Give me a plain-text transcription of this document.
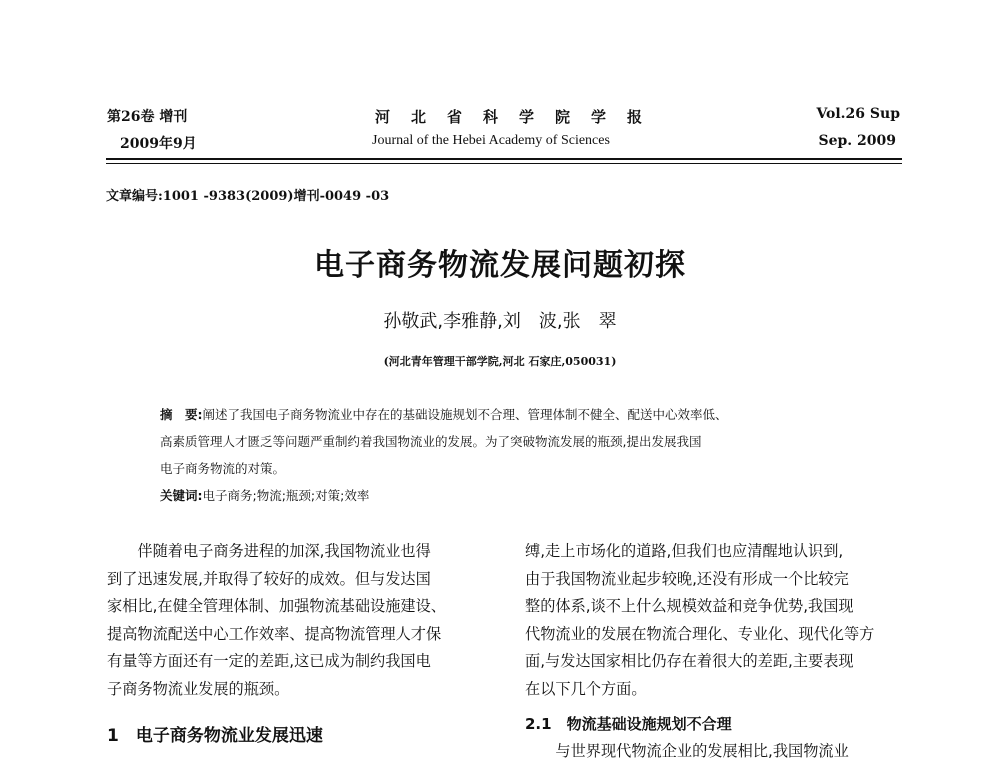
第26卷 增刊
2009年9月
河北省科学院学报
Journal of the Hebei Academy of Sciences
Vol.26 Sup
Sep. 2009
文章编号:1001 -9383(2009)增刊-0049 -03
电子商务物流发展问题初探
孙敬武,李雅静,刘　波,张　翠
(河北青年管理干部学院,河北 石家庄,050031)
摘　要:阐述了我国电子商务物流业中存在的基础设施规划不合理、管理体制不健全、配送中心效率低、
高素质管理人才匮乏等问题严重制约着我国物流业的发展。为了突破物流发展的瓶颈,提出发展我国
电子商务物流的对策。
关键词:电子商务;物流;瓶颈;对策;效率
　　伴随着电子商务进程的加深,我国物流业也得
到了迅速发展,并取得了较好的成效。但与发达国
家相比,在健全管理体制、加强物流基础设施建设、
提高物流配送中心工作效率、提高物流管理人才保
有量等方面还有一定的差距,这已成为制约我国电
子商务物流业发展的瓶颈。
1　电子商务物流业发展迅速
缚,走上市场化的道路,但我们也应清醒地认识到,
由于我国物流业起步较晚,还没有形成一个比较完
整的体系,谈不上什么规模效益和竞争优势,我国现
代物流业的发展在物流合理化、专业化、现代化等方
面,与发达国家相比仍存在着很大的差距,主要表现
在以下几个方面。
2.1　物流基础设施规划不合理
　　与世界现代物流企业的发展相比,我国物流业
